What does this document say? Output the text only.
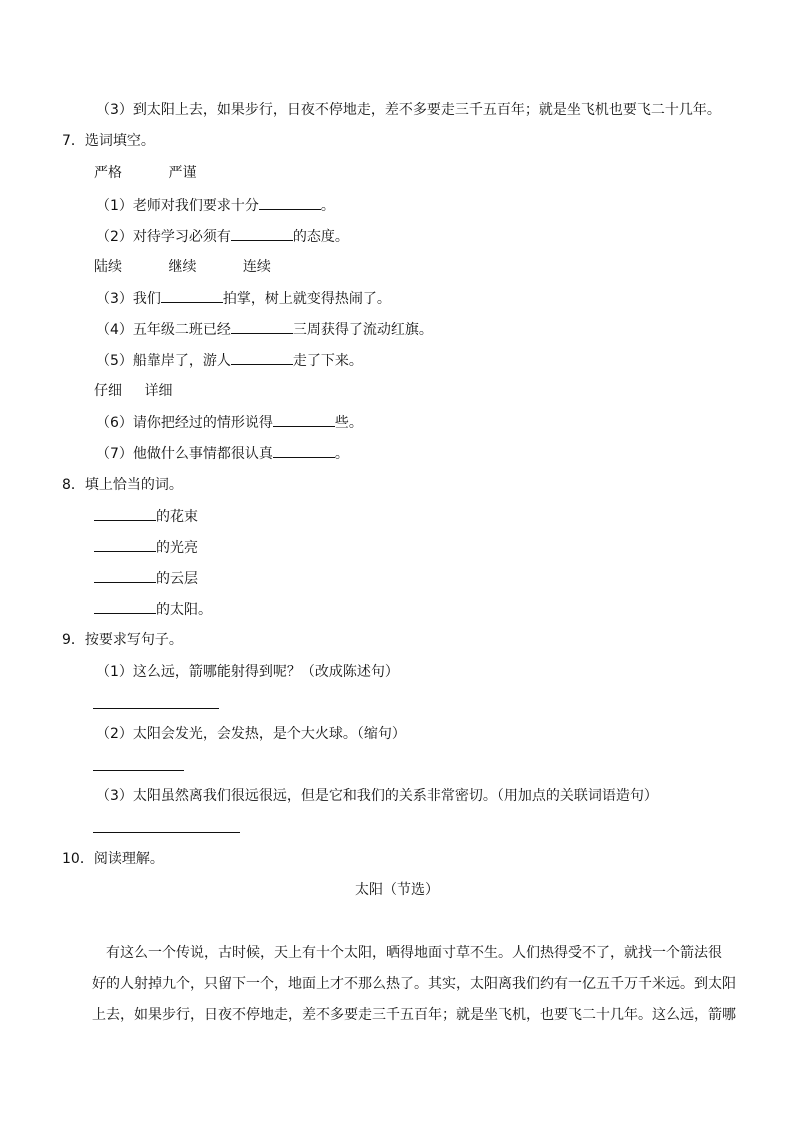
（3）到太阳上去，如果步行，日夜不停地走，差不多要走三千五百年；就是坐飞机也要飞二十几年。
7．选词填空。
严格	严谨
（1）老师对我们要求十分	。
（2）对待学习必须有	的态度。
陆续	继续	连续
（3）我们	拍掌，树上就变得热闹了。
（4）五年级二班已经	三周获得了流动红旗。
（5）船靠岸了，游人	走了下来。
仔细 详细
（6）请你把经过的情形说得	些。
（7）他做什么事情都很认真	。
8．填上恰当的词。
的花束
的光亮
的云层
的太阳。
9．按要求写句子。
（1）这么远，箭哪能射得到呢？（改成陈述句）
（2）太阳会发光，会发热，是个大火球。（缩句）
（3）太阳虽然离我们很远很远，但是它和我们的关系非常密切。（用加点的关联词语造句）
10．阅读理解。
太阳（节选）
有这么一个传说，古时候，天上有十个太阳，晒得地面寸草不生。人们热得受不了，就找一个箭法很
好的人射掉九个，只留下一个，地面上才不那么热了。其实，太阳离我们约有一亿五千万千米远。到太阳
上去，如果步行，日夜不停地走，差不多要走三千五百年；就是坐飞机，也要飞二十几年。这么远，箭哪
